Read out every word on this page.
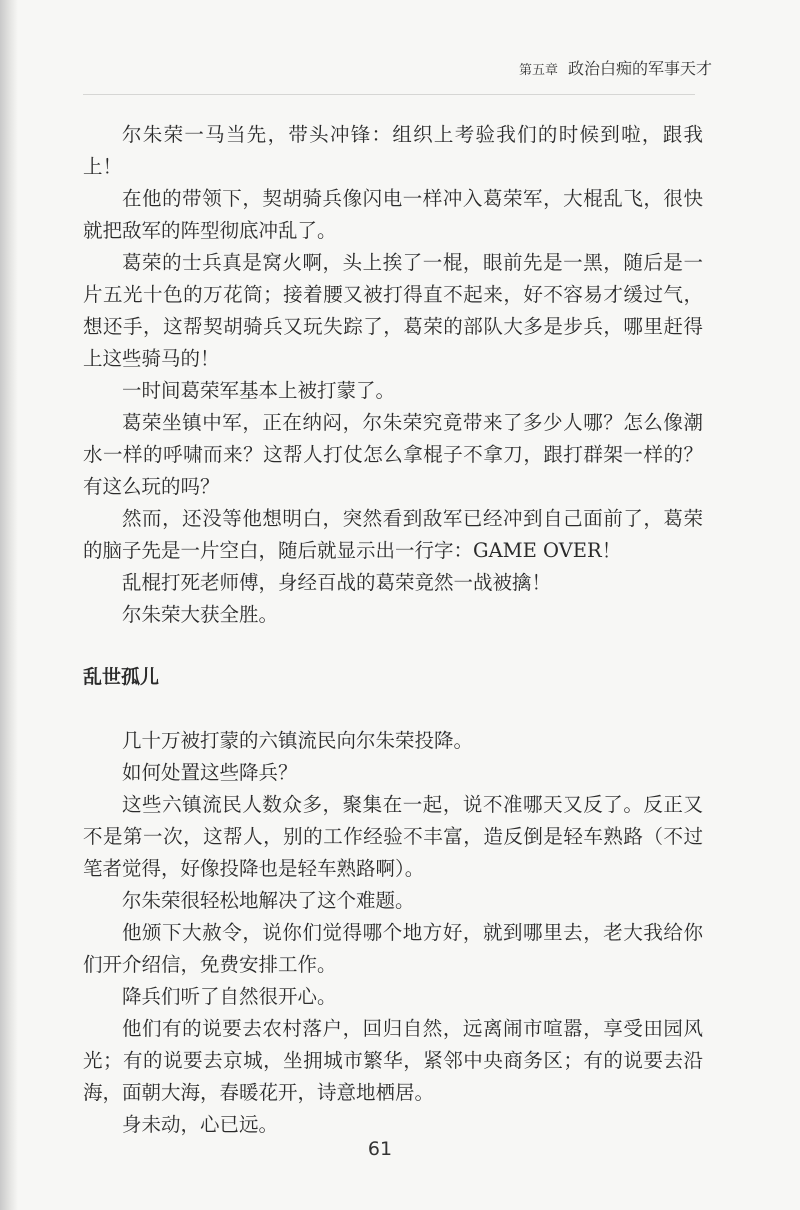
第五章 政治白痴的军事天才

尔朱荣一马当先，带头冲锋：组织上考验我们的时候到啦，跟我上！

在他的带领下，契胡骑兵像闪电一样冲入葛荣军，大棍乱飞，很快就把敌军的阵型彻底冲乱了。

葛荣的士兵真是窝火啊，头上挨了一棍，眼前先是一黑，随后是一片五光十色的万花筒；接着腰又被打得直不起来，好不容易才缓过气，想还手，这帮契胡骑兵又玩失踪了，葛荣的部队大多是步兵，哪里赶得上这些骑马的！

一时间葛荣军基本上被打蒙了。

葛荣坐镇中军，正在纳闷，尔朱荣究竟带来了多少人哪？怎么像潮水一样的呼啸而来？这帮人打仗怎么拿棍子不拿刀，跟打群架一样的？有这么玩的吗？

然而，还没等他想明白，突然看到敌军已经冲到自己面前了，葛荣的脑子先是一片空白，随后就显示出一行字：GAME OVER！

乱棍打死老师傅，身经百战的葛荣竟然一战被擒！

尔朱荣大获全胜。

乱世孤儿

几十万被打蒙的六镇流民向尔朱荣投降。

如何处置这些降兵？

这些六镇流民人数众多，聚集在一起，说不准哪天又反了。反正又不是第一次，这帮人，别的工作经验不丰富，造反倒是轻车熟路（不过笔者觉得，好像投降也是轻车熟路啊）。

尔朱荣很轻松地解决了这个难题。

他颁下大赦令，说你们觉得哪个地方好，就到哪里去，老大我给你们开介绍信，免费安排工作。

降兵们听了自然很开心。

他们有的说要去农村落户，回归自然，远离闹市喧嚣，享受田园风光；有的说要去京城，坐拥城市繁华，紧邻中央商务区；有的说要去沿海，面朝大海，春暖花开，诗意地栖居。

身未动，心已远。

61
